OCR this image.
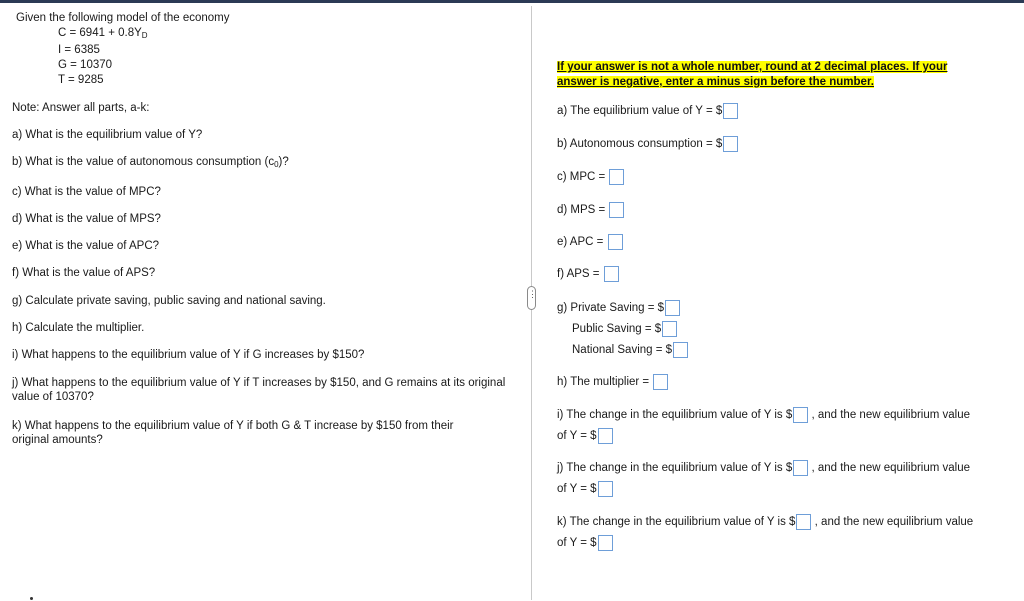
Given the following model of the economy
$C = 6941 + 0.8Y_D$
I = 6385
G = 10370
T = 9285
Note: Answer all parts, a-k:
a) What is the equilibrium value of Y?
b) What is the value of autonomous consumption $(c_0)$?
c) What is the value of MPC?
d) What is the value of MPS?
e) What is the value of APC?
f) What is the value of APS?
g) Calculate private saving, public saving and national saving.
h) Calculate the multiplier.
i) What happens to the equilibrium value of Y if G increases by $150?
j) What happens to the equilibrium value of Y if T increases by $150, and G remains at its original value of 10370?
k) What happens to the equilibrium value of Y if both G & T increase by $150 from their original amounts?
⋮
If your answer is not a whole number, round at 2 decimal places. If your answer is negative, enter a minus sign before the number.
a) The equilibrium value of Y = $
b) Autonomous consumption = $
c) MPC =
d) MPS =
e) APC =
f) APS =
g) Private Saving = $
Public Saving = $
National Saving = $
h) The multiplier =
i) The change in the equilibrium value of Y is $ , and the new equilibrium value
of Y = $
j) The change in the equilibrium value of Y is $ , and the new equilibrium value
of Y = $
k) The change in the equilibrium value of Y is $ , and the new equilibrium value
of Y = $
